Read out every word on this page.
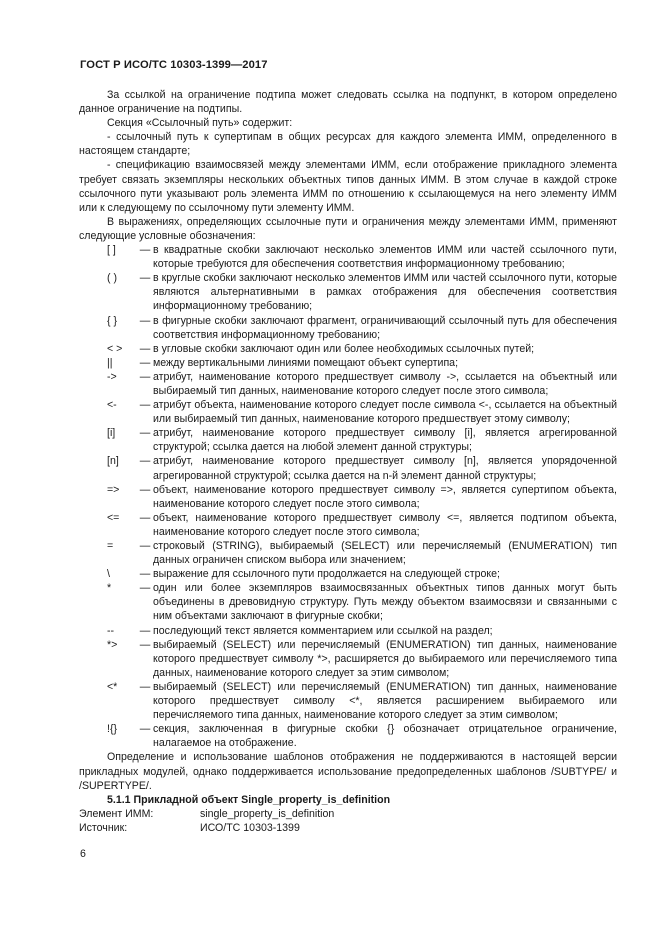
ГОСТ Р ИСО/ТС 10303-1399—2017

За ссылкой на ограничение подтипа может следовать ссылка на подпункт, в котором определено данное ограничение на подтипы.

Секция «Ссылочный путь» содержит:

- ссылочный путь к супертипам в общих ресурсах для каждого элемента ИММ, определенного в настоящем стандарте;

- спецификацию взаимосвязей между элементами ИММ, если отображение прикладного элемента требует связать экземпляры нескольких объектных типов данных ИММ. В этом случае в каждой строке ссылочного пути указывают роль элемента ИММ по отношению к ссылающемуся на него элементу ИММ или к следующему по ссылочному пути элементу ИММ.

В выражениях, определяющих ссылочные пути и ограничения между элементами ИММ, применяют следующие условные обозначения:

[ ]	— в квадратные скобки заключают несколько элементов ИММ или частей ссылочного пути, которые требуются для обеспечения соответствия информационному требованию;
( )	— в круглые скобки заключают несколько элементов ИММ или частей ссылочного пути, которые являются альтернативными в рамках отображения для обеспечения соответствия информационному требованию;
{ }	— в фигурные скобки заключают фрагмент, ограничивающий ссылочный путь для обеспечения соответствия информационному требованию;
< >	— в угловые скобки заключают один или более необходимых ссылочных путей;
||	— между вертикальными линиями помещают объект супертипа;
->	— атрибут, наименование которого предшествует символу ->, ссылается на объектный или выбираемый тип данных, наименование которого следует после этого символа;
<-	— атрибут объекта, наименование которого следует после символа <-, ссылается на объектный или выбираемый тип данных, наименование которого предшествует этому символу;
[i]	— атрибут, наименование которого предшествует символу [i], является агрегированной структурой; ссылка дается на любой элемент данной структуры;
[n]	— атрибут, наименование которого предшествует символу [n], является упорядоченной агрегированной структурой; ссылка дается на n-й элемент данной структуры;
=>	— объект, наименование которого предшествует символу =>, является супертипом объекта, наименование которого следует после этого символа;
<=	— объект, наименование которого предшествует символу <=, является подтипом объекта, наименование которого следует после этого символа;
=	— строковый (STRING), выбираемый (SELECT) или перечисляемый (ENUMERATION) тип данных ограничен списком выбора или значением;
\	— выражение для ссылочного пути продолжается на следующей строке;
*	— один или более экземпляров взаимосвязанных объектных типов данных могут быть объединены в древовидную структуру. Путь между объектом взаимосвязи и связанными с ним объектами заключают в фигурные скобки;
--	— последующий текст является комментарием или ссылкой на раздел;
*>	— выбираемый (SELECT) или перечисляемый (ENUMERATION) тип данных, наименование которого предшествует символу *>, расширяется до выбираемого или перечисляемого типа данных, наименование которого следует за этим символом;
<*	— выбираемый (SELECT) или перечисляемый (ENUMERATION) тип данных, наименование которого предшествует символу <*, является расширением выбираемого или перечисляемого типа данных, наименование которого следует за этим символом;
!{}	— секция, заключенная в фигурные скобки {} обозначает отрицательное ограничение, налагаемое на отображение.

Определение и использование шаблонов отображения не поддерживаются в настоящей версии прикладных модулей, однако поддерживается использование предопределенных шаблонов /SUBTYPE/ и /SUPERTYPE/.

5.1.1 Прикладной объект Single_property_is_definition

Элемент ИММ:	single_property_is_definition
Источник:	ИСО/ТС 10303-1399
6
